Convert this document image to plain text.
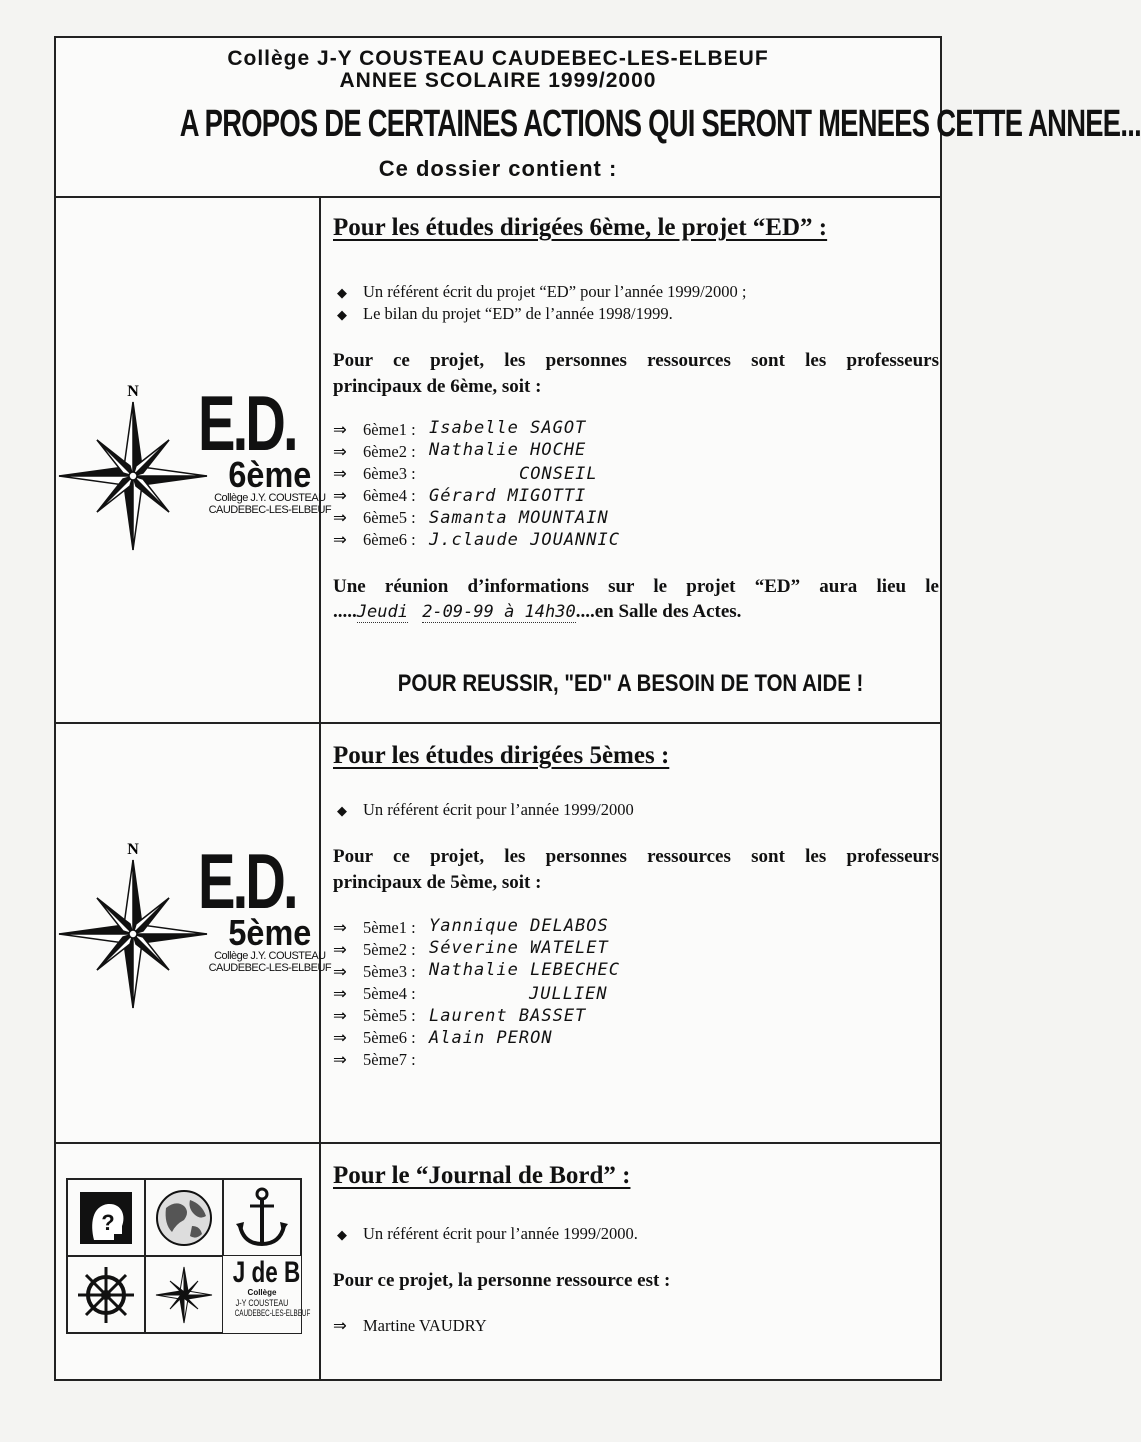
Collège J-Y COUSTEAU CAUDEBEC-LES-ELBEUF
ANNEE SCOLAIRE 1999/2000
A PROPOS DE CERTAINES ACTIONS QUI SERONT MENEES CETTE ANNEE...
Ce dossier contient :
N E.D.
6ème
Collège J.Y. COUSTEAU
CAUDEBEC-LES-ELBEUF
Pour les études dirigées 6ème, le projet “ED” :
◆ Un référent écrit du projet “ED” pour l’année 1999/2000 ;
◆ Le bilan du projet “ED” de l’année 1998/1999.
Pour ce projet, les personnes ressources sont les professeurs
principaux de 6ème, soit :
⇒ 6ème1 : Isabelle SAGOT
⇒ 6ème2 : Nathalie HOCHE
⇒ 6ème3 :	CONSEIL
⇒ 6ème4 : Gérard MIGOTTI
⇒ 6ème5 : Samanta MOUNTAIN
⇒ 6ème6 : J.claude JOUANNIC
Une réunion d’informations sur le projet “ED” aura lieu le
.....Jeudi 2-09-99 à 14h30....en Salle des Actes.
POUR REUSSIR, "ED" A BESOIN DE TON AIDE !
N E.D.
5ème
Collège J.Y. COUSTEAU
CAUDEBEC-LES-ELBEUF
Pour les études dirigées 5èmes :
◆ Un référent écrit pour l’année 1999/2000
Pour ce projet, les personnes ressources sont les professeurs
principaux de 5ème, soit :
⇒ 5ème1 : Yannique DELABOS
⇒ 5ème2 : Séverine WATELET
⇒ 5ème3 : Nathalie LEBECHEC
⇒ 5ème4 :	JULLIEN
⇒ 5ème5 : Laurent BASSET
⇒ 5ème6 : Alain PERON
⇒ 5ème7 :
?
J de B
Collège
J-Y COUSTEAU
CAUDEBEC-LES-ELBEUF
Pour le “Journal de Bord” :
◆ Un référent écrit pour l’année 1999/2000.
Pour ce projet, la personne ressource est :
⇒ Martine VAUDRY
